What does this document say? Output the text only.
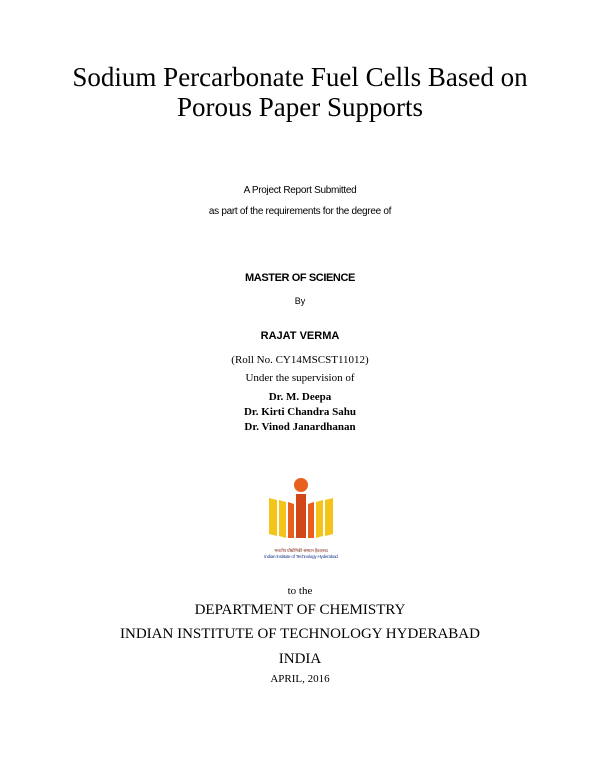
Sodium Percarbonate Fuel Cells Based on
Porous Paper Supports
A Project Report Submitted
as part of the requirements for the degree of
MASTER OF SCIENCE
By
RAJAT VERMA
(Roll No. CY14MSCST11012)
Under the supervision of
Dr. M. Deepa
Dr. Kirti Chandra Sahu
Dr. Vinod Janardhanan
भारतीय प्रौद्योगिकी संस्थान हैदराबाद
Indian Institute of Technology Hyderabad
to the
DEPARTMENT OF CHEMISTRY
INDIAN INSTITUTE OF TECHNOLOGY HYDERABAD
INDIA
APRIL, 2016
